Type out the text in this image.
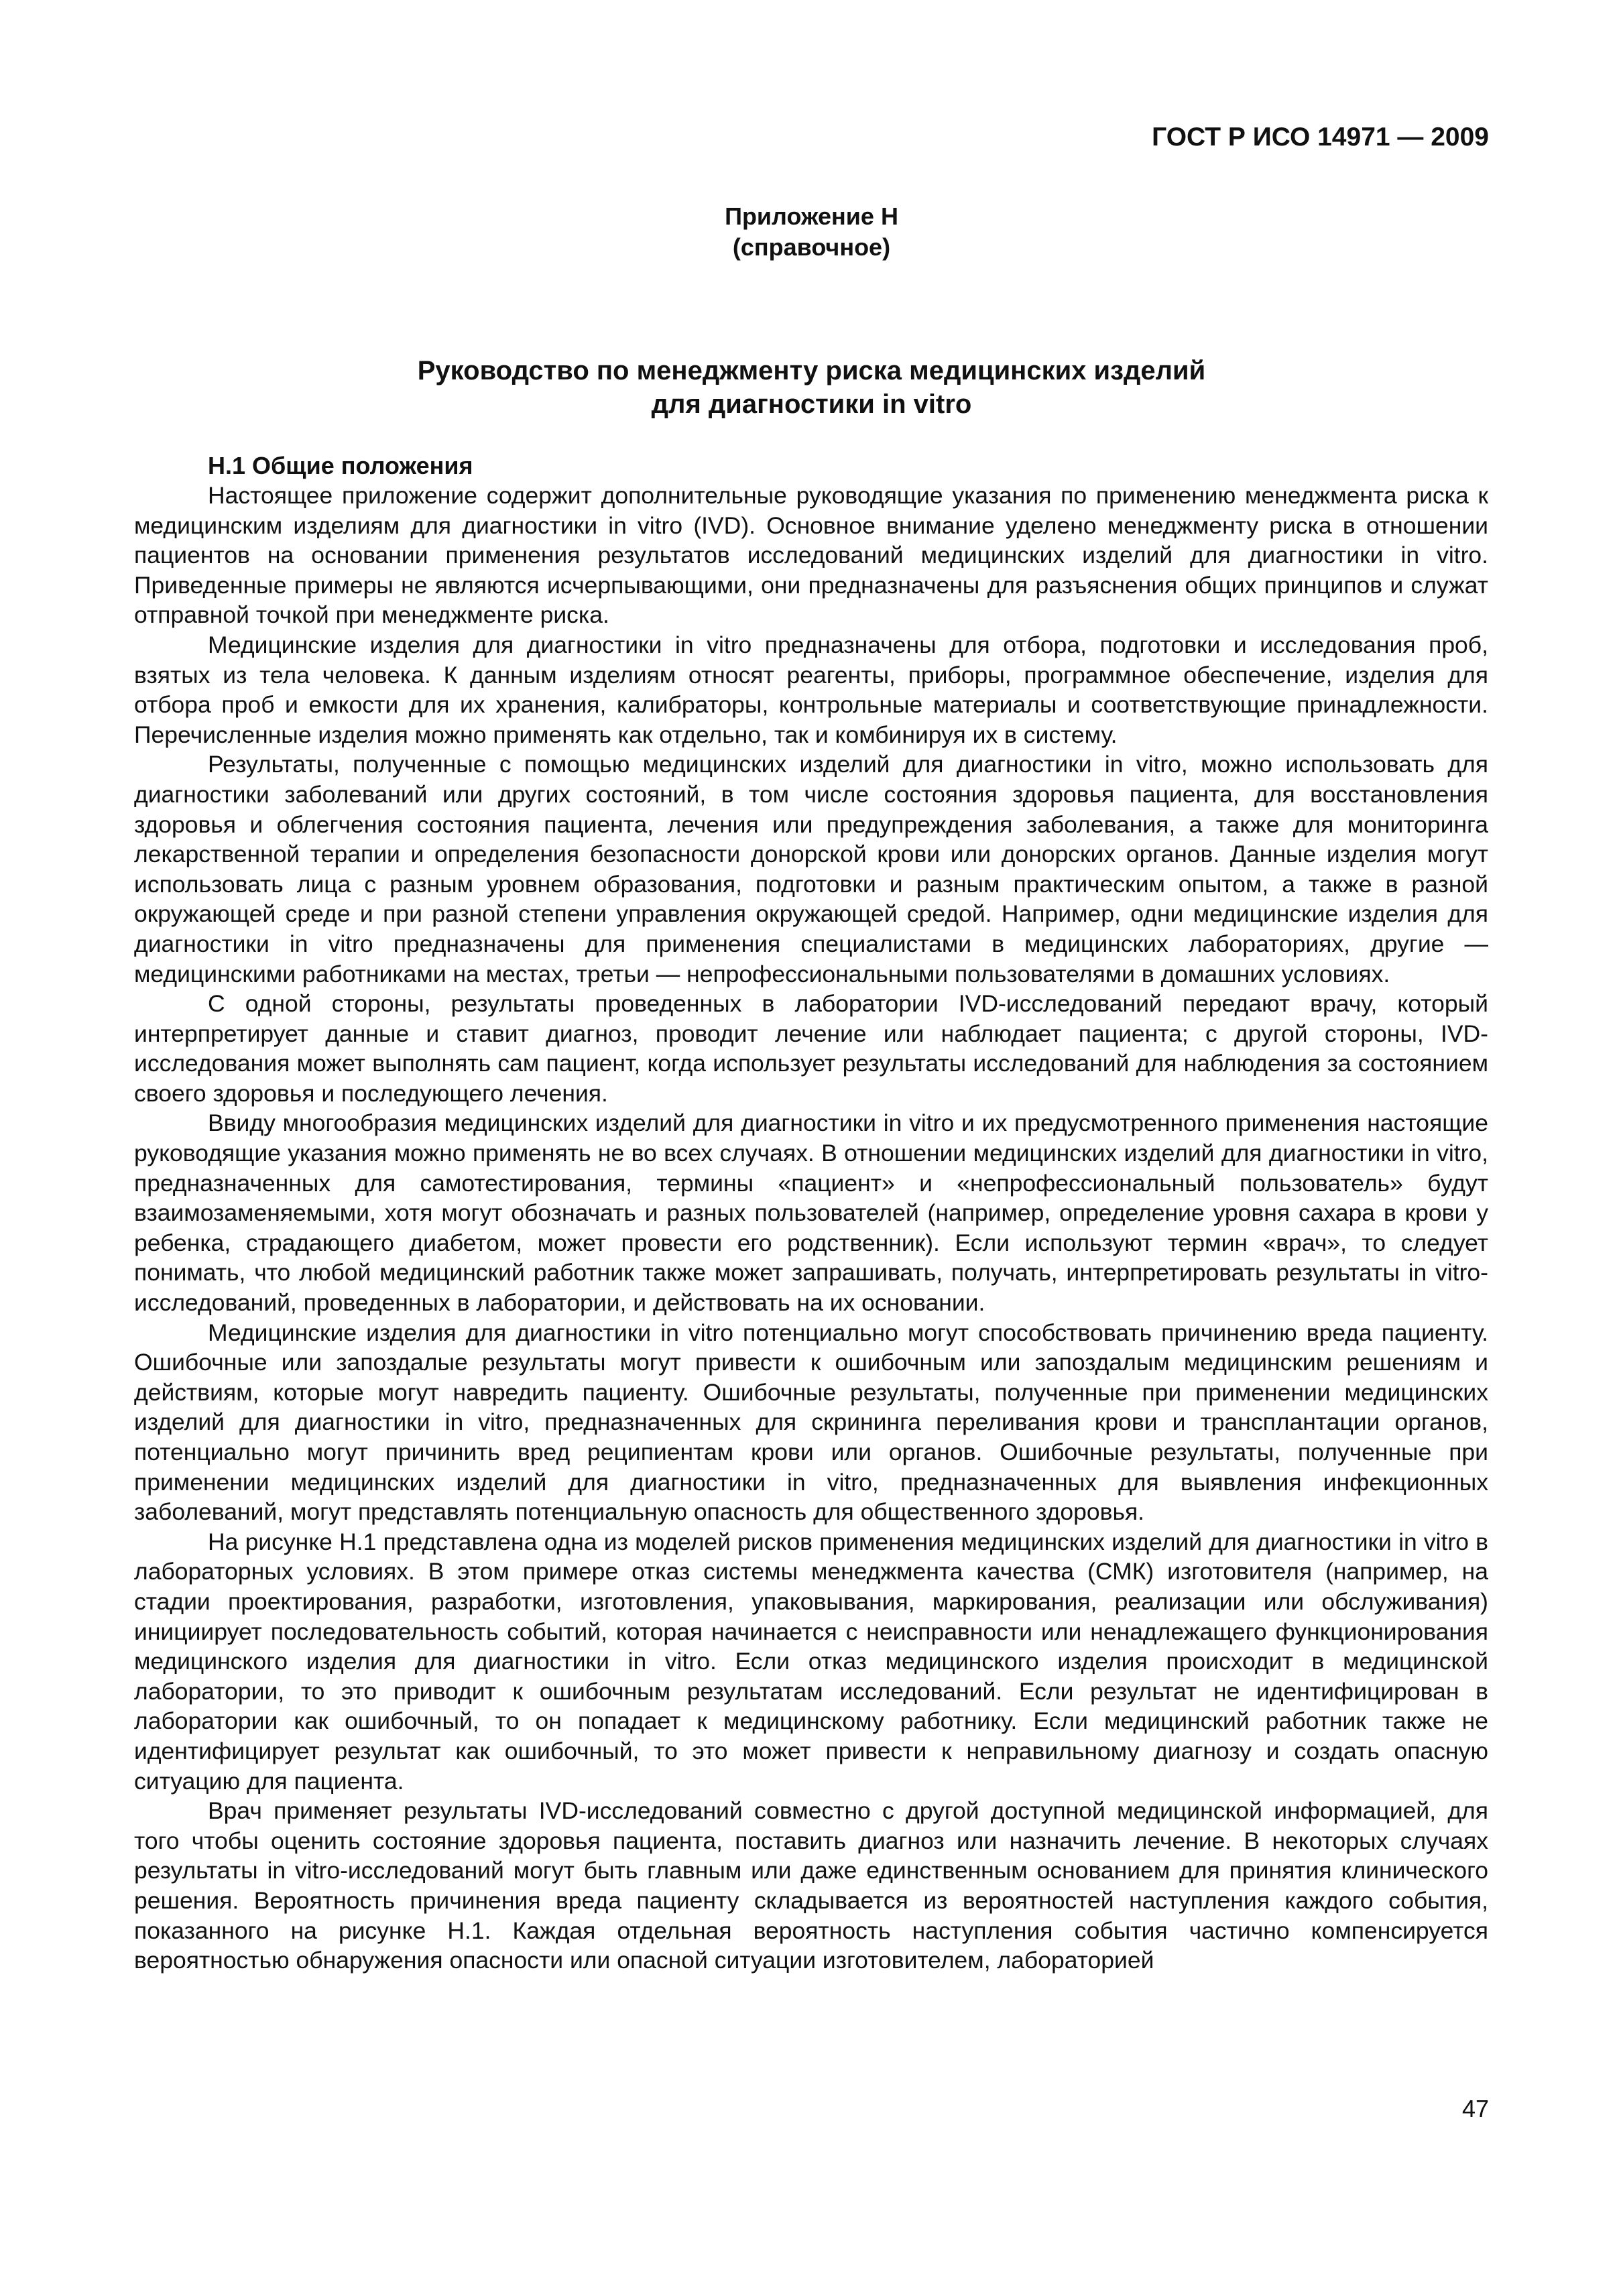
ГОСТ Р ИСО 14971 — 2009
Приложение Н
(справочное)
Руководство по менеджменту риска медицинских изделий
для диагностики in vitro
Н.1 Общие положения

Настоящее приложение содержит дополнительные руководящие указания по применению менеджмента риска к медицинским изделиям для диагностики in vitro (IVD). Основное внимание уделено менеджменту риска в отношении пациентов на основании применения результатов исследований медицинских изделий для диагностики in vitro. Приведенные примеры не являются исчерпывающими, они предназначены для разъяснения общих принципов и служат отправной точкой при менеджменте риска.

Медицинские изделия для диагностики in vitro предназначены для отбора, подготовки и исследования проб, взятых из тела человека. К данным изделиям относят реагенты, приборы, программное обеспечение, изделия для отбора проб и емкости для их хранения, калибраторы, контрольные материалы и соответствующие принадлежности. Перечисленные изделия можно применять как отдельно, так и комбинируя их в систему.

Результаты, полученные с помощью медицинских изделий для диагностики in vitro, можно использовать для диагностики заболеваний или других состояний, в том числе состояния здоровья пациента, для восстановления здоровья и облегчения состояния пациента, лечения или предупреждения заболевания, а также для мониторинга лекарственной терапии и определения безопасности донорской крови или донорских органов. Данные изделия могут использовать лица с разным уровнем образования, подготовки и разным практическим опытом, а также в разной окружающей среде и при разной степени управления окружающей средой. Например, одни медицинские изделия для диагностики in vitro предназначены для применения специалистами в медицинских лабораториях, другие — медицинскими работниками на местах, третьи — непрофессиональными пользователями в домашних условиях.

С одной стороны, результаты проведенных в лаборатории IVD-исследований передают врачу, который интерпретирует данные и ставит диагноз, проводит лечение или наблюдает пациента; с другой стороны, IVD-исследования может выполнять сам пациент, когда использует результаты исследований для наблюдения за состоянием своего здоровья и последующего лечения.

Ввиду многообразия медицинских изделий для диагностики in vitro и их предусмотренного применения настоящие руководящие указания можно применять не во всех случаях. В отношении медицинских изделий для диагностики in vitro, предназначенных для самотестирования, термины «пациент» и «непрофессиональный пользователь» будут взаимозаменяемыми, хотя могут обозначать и разных пользователей (например, определение уровня сахара в крови у ребенка, страдающего диабетом, может провести его родственник). Если используют термин «врач», то следует понимать, что любой медицинский работник также может запрашивать, получать, интерпретировать результаты in vitro-исследований, проведенных в лаборатории, и действовать на их основании.

Медицинские изделия для диагностики in vitro потенциально могут способствовать причинению вреда пациенту. Ошибочные или запоздалые результаты могут привести к ошибочным или запоздалым медицинским решениям и действиям, которые могут навредить пациенту. Ошибочные результаты, полученные при применении медицинских изделий для диагностики in vitro, предназначенных для скрининга переливания крови и трансплантации органов, потенциально могут причинить вред реципиентам крови или органов. Ошибочные результаты, полученные при применении медицинских изделий для диагностики in vitro, предназначенных для выявления инфекционных заболеваний, могут представлять потенциальную опасность для общественного здоровья.

На рисунке Н.1 представлена одна из моделей рисков применения медицинских изделий для диагностики in vitro в лабораторных условиях. В этом примере отказ системы менеджмента качества (СМК) изготовителя (например, на стадии проектирования, разработки, изготовления, упаковывания, маркирования, реализации или обслуживания) инициирует последовательность событий, которая начинается с неисправности или ненадлежащего функционирования медицинского изделия для диагностики in vitro. Если отказ медицинского изделия происходит в медицинской лаборатории, то это приводит к ошибочным результатам исследований. Если результат не идентифицирован в лаборатории как ошибочный, то он попадает к медицинскому работнику. Если медицинский работник также не идентифицирует результат как ошибочный, то это может привести к неправильному диагнозу и создать опасную ситуацию для пациента.

Врач применяет результаты IVD-исследований совместно с другой доступной медицинской информацией, для того чтобы оценить состояние здоровья пациента, поставить диагноз или назначить лечение. В некоторых случаях результаты in vitro-исследований могут быть главным или даже единственным основанием для принятия клинического решения. Вероятность причинения вреда пациенту складывается из вероятностей наступления каждого события, показанного на рисунке Н.1. Каждая отдельная вероятность наступления события частично компенсируется вероятностью обнаружения опасности или опасной ситуации изготовителем, лабораторией

47
